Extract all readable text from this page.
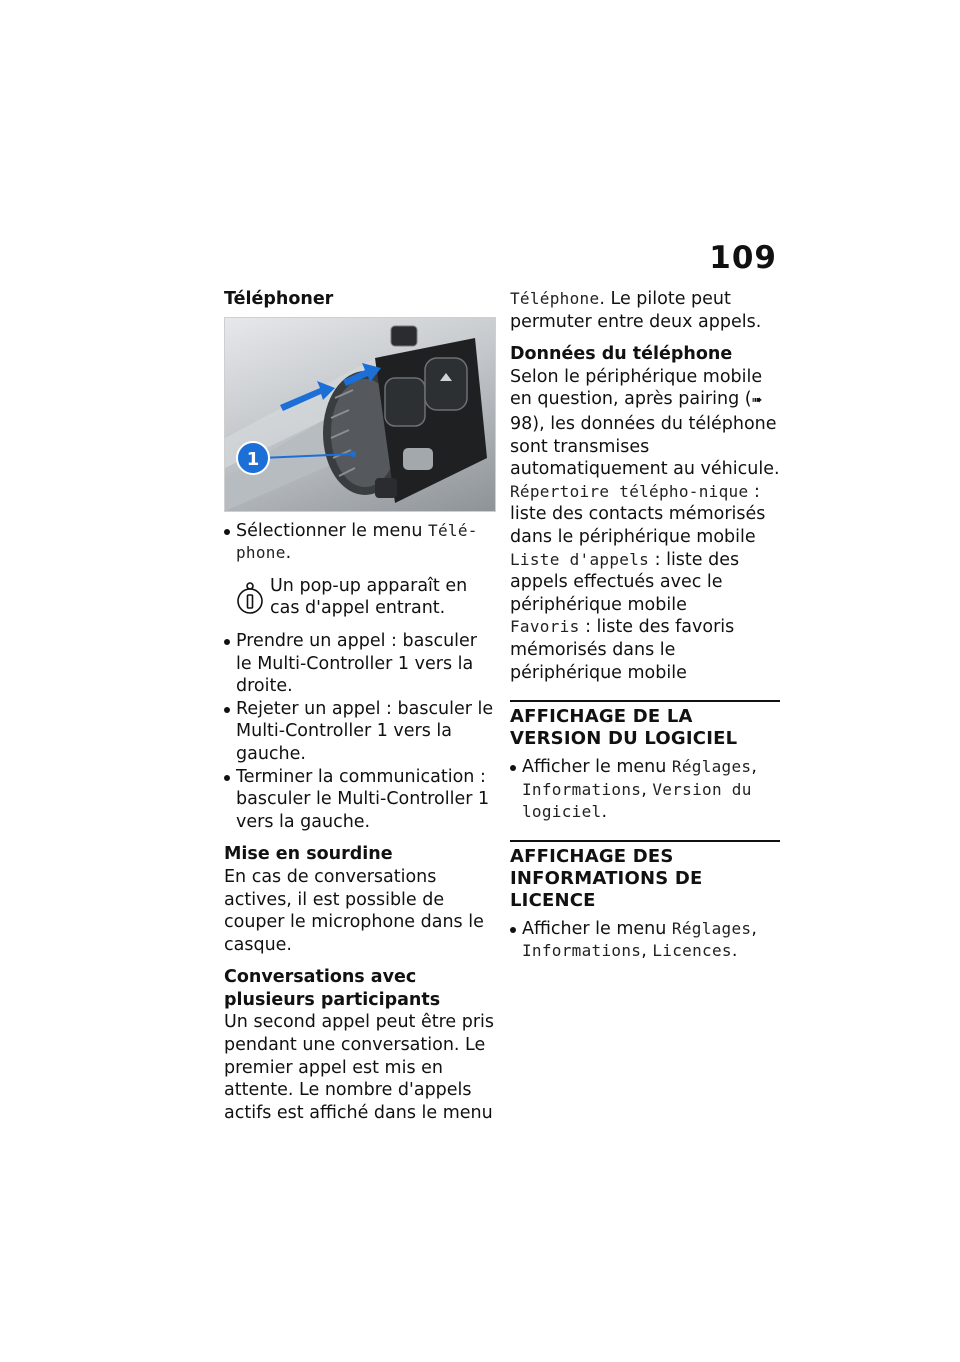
109
Téléphoner
1
Sélectionner le menu Télé-phone.
Un pop-up apparaît en cas d'appel entrant.
Prendre un appel : basculer le Multi-Controller 1 vers la droite.
Rejeter un appel : basculer le Multi-Controller 1 vers la gauche.
Terminer la communication : basculer le Multi-Controller 1 vers la gauche.
Mise en sourdine

En cas de conversations actives, il est possible de couper le microphone dans le casque.

Conversations avec plusieurs participants

Un second appel peut être pris pendant une conversation. Le premier appel est mis en attente. Le nombre d'appels actifs est affiché dans le menu

Téléphone. Le pilote peut permuter entre deux appels.

Données du téléphone
Selon le périphérique mobile en question, après pairing (➠ 98), les données du téléphone sont transmises automatiquement au véhicule.
Répertoire télépho-nique : liste des contacts mémorisés dans le périphérique mobile
Liste d'appels : liste des appels effectués avec le périphérique mobile
Favoris : liste des favoris mémorisés dans le périphérique mobile
AFFICHAGE DE LA VERSION DU LOGICIEL
Afficher le menu Réglages, Informations, Version du logiciel.
AFFICHAGE DES INFORMATIONS DE LICENCE
Afficher le menu Réglages, Informations, Licences.
